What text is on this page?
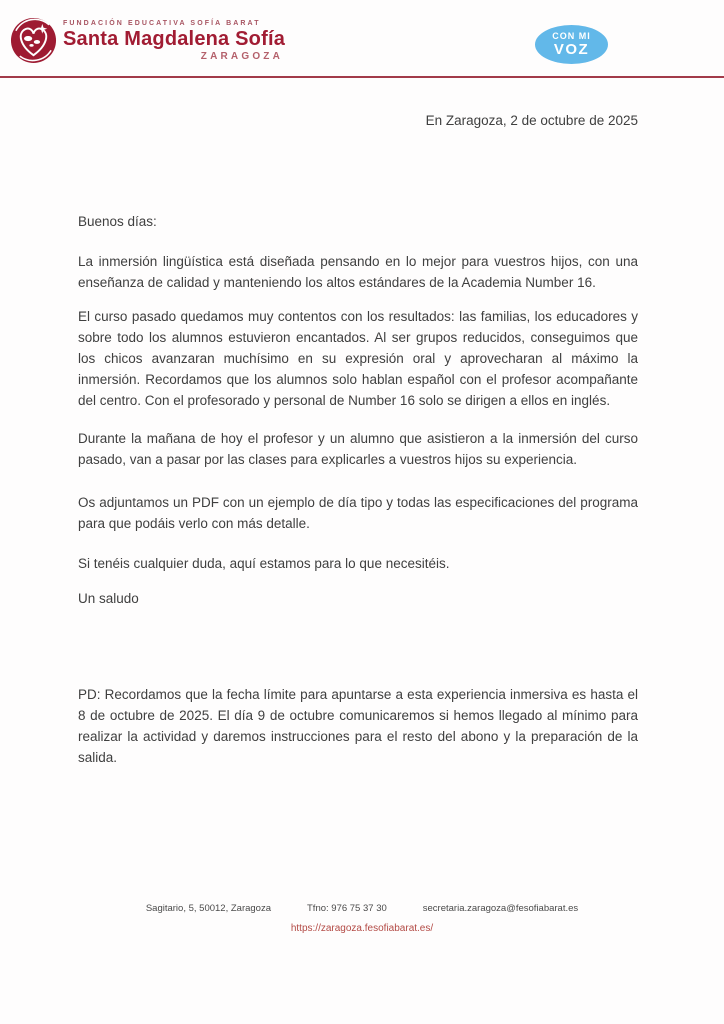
FUNDACIÓN EDUCATIVA SOFÍA BARAT
Santa Magdalena Sofía
ZARAGOZA
CON MI
VOZ
En Zaragoza, 2 de octubre de 2025

Buenos días:

La inmersión lingüística está diseñada pensando en lo mejor para vuestros hijos, con una enseñanza de calidad y manteniendo los altos estándares de la Academia Number 16.

El curso pasado quedamos muy contentos con los resultados: las familias, los educadores y sobre todo los alumnos estuvieron encantados. Al ser grupos reducidos, conseguimos que los chicos avanzaran muchísimo en su expresión oral y aprovecharan al máximo la inmersión. Recordamos que los alumnos solo hablan español con el profesor acompañante del centro. Con el profesorado y personal de Number 16 solo se dirigen a ellos en inglés.

Durante la mañana de hoy el profesor y un alumno que asistieron a la inmersión del curso pasado, van a pasar por las clases para explicarles a vuestros hijos su experiencia.

Os adjuntamos un PDF con un ejemplo de día tipo y todas las especificaciones del programa para que podáis verlo con más detalle.

Si tenéis cualquier duda, aquí estamos para lo que necesitéis.

Un saludo

PD: Recordamos que la fecha límite para apuntarse a esta experiencia inmersiva es hasta el 8 de octubre de 2025. El día 9 de octubre comunicaremos si hemos llegado al mínimo para realizar la actividad y daremos instrucciones para el resto del abono y la preparación de la salida.

Sagitario, 5, 50012, Zaragoza	Tfno: 976 75 37 30	secretaria.zaragoza@fesofiabarat.es
https://zaragoza.fesofiabarat.es/
